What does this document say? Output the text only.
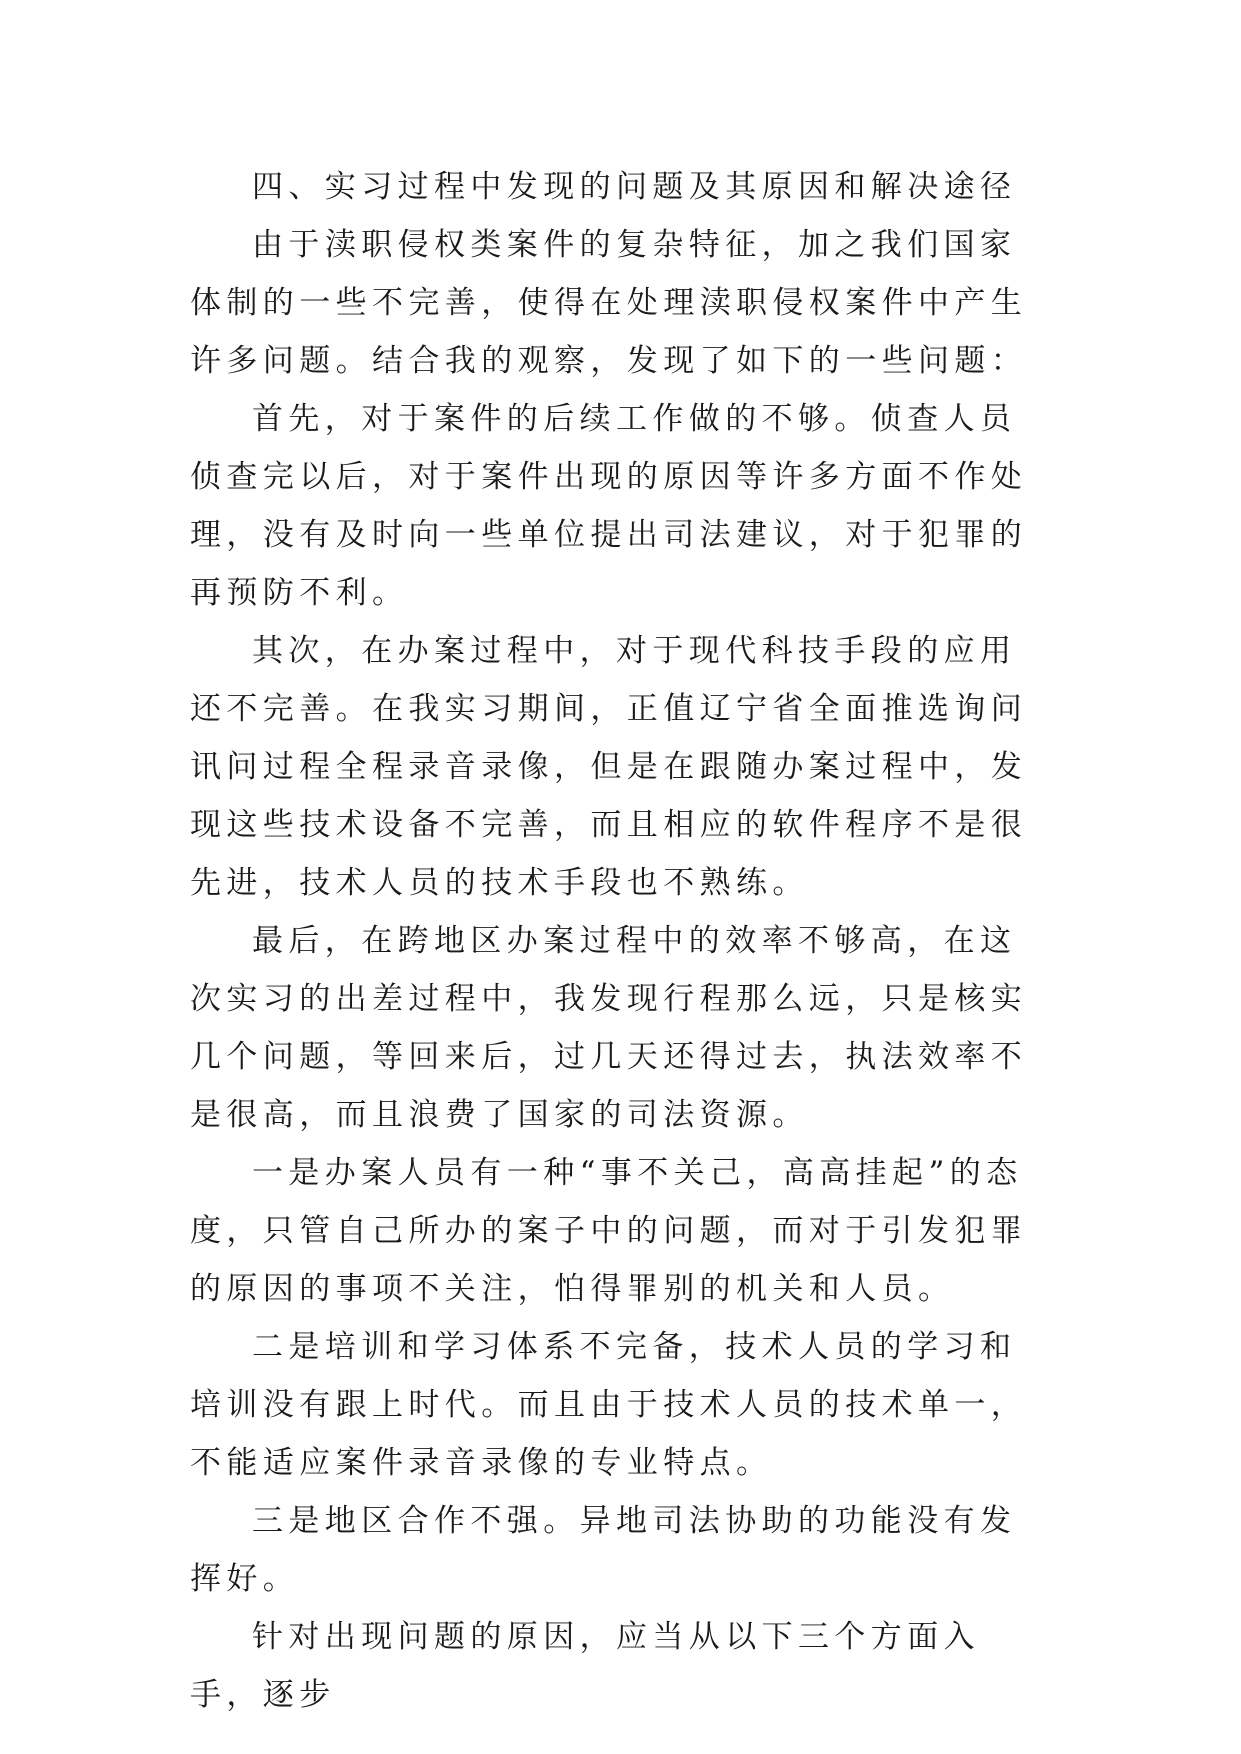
四、实习过程中发现的问题及其原因和解决途径

由于渎职侵权类案件的复杂特征，加之我们国家体制的一些不完善，使得在处理渎职侵权案件中产生许多问题。结合我的观察，发现了如下的一些问题：

首先，对于案件的后续工作做的不够。侦查人员侦查完以后，对于案件出现的原因等许多方面不作处理，没有及时向一些单位提出司法建议，对于犯罪的再预防不利。

其次，在办案过程中，对于现代科技手段的应用还不完善。在我实习期间，正值辽宁省全面推选询问讯问过程全程录音录像，但是在跟随办案过程中，发现这些技术设备不完善，而且相应的软件程序不是很先进，技术人员的技术手段也不熟练。

最后，在跨地区办案过程中的效率不够高，在这次实习的出差过程中，我发现行程那么远，只是核实几个问题，等回来后，过几天还得过去，执法效率不是很高，而且浪费了国家的司法资源。

一是办案人员有一种“事不关己，高高挂起”的态度，只管自己所办的案子中的问题，而对于引发犯罪的原因的事项不关注，怕得罪别的机关和人员。

二是培训和学习体系不完备，技术人员的学习和培训没有跟上时代。而且由于技术人员的技术单一，不能适应案件录音录像的专业特点。

三是地区合作不强。异地司法协助的功能没有发挥好。

针对出现问题的原因，应当从以下三个方面入手，逐步
